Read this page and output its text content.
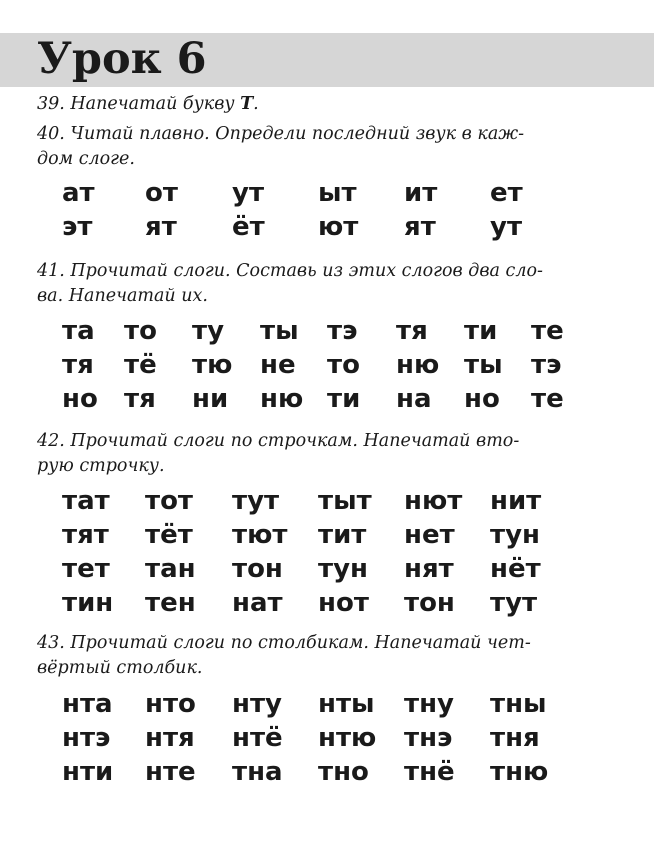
Урок 6

39. Напечатай букву Т.

40. Читай плавно. Определи последний звук в каж-
дом слоге.

41. Прочитай слоги. Составь из этих слогов два сло-
ва. Напечатай их.

42. Прочитай слоги по строчкам. Напечатай вто-
рую строчку.

43. Прочитай слоги по столбикам. Напечатай чет-
вёртый столбик.

ат от ут ыт ит ет
эт ят ёт ют ят ут
та то ту ты тэ тя ти те
тя тё тю не то ню ты тэ
но тя ни ню ти на но те
тат тот тут тыт нют нит
тят тёт тют тит нет тун
тет тан тон тун нят нёт
тин тен нат нот тон тут
нта нто нту нты тну тны
нтэ нтя нтё нтю тнэ тня
нти нте тна тно тнё тню
